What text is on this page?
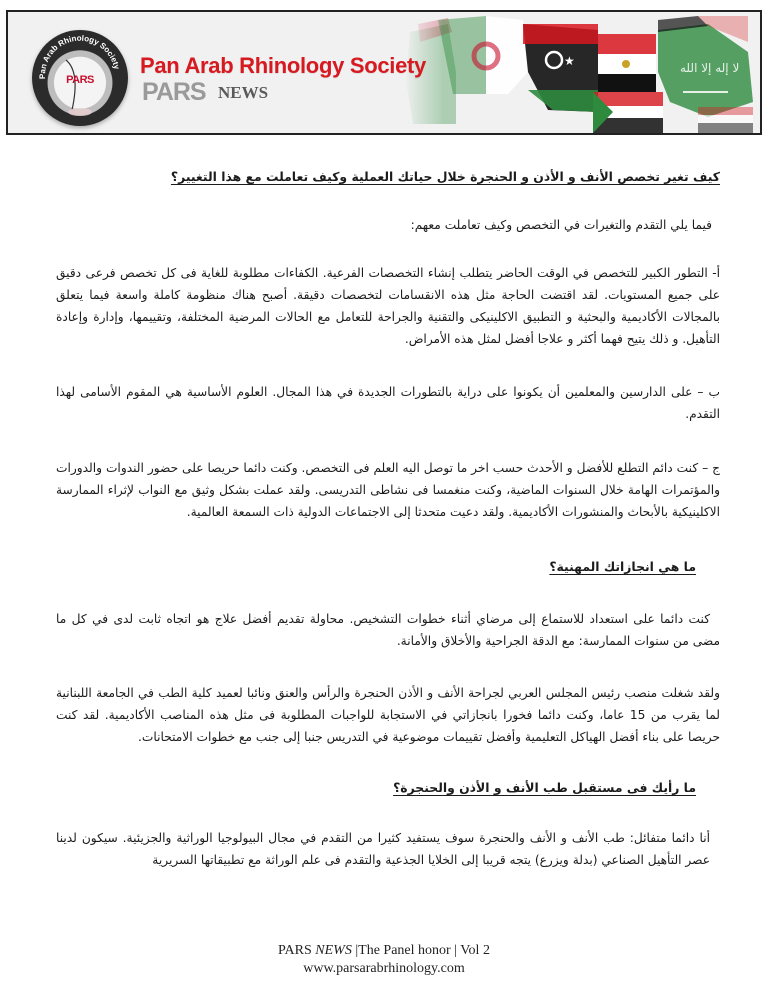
★	ﻻ إله إلا الله
Pan Arab Rhinology Society
PARS
Pan Arab Rhinology Society
PARS NEWS

كيف تغير تخصص الأنف و الأذن و الحنجرة خلال حياتك العملية وكيف تعاملت مع هذا التغيير؟

فيما يلي التقدم والتغيرات في التخصص وكيف تعاملت معهم:

أ- التطور الكبير للتخصص في الوقت الحاضر يتطلب إنشاء التخصصات الفرعية. الكفاءات مطلوبة للغاية فى كل تخصص فرعى دقيق على جميع المستويات. لقد اقتضت الحاجة مثل هذه الانقسامات لتخصصات دقيقة. أصبح هناك منظومة كاملة واسعة فيما يتعلق بالمجالات الأكاديمية والبحثية و التطبيق الاكلينيكى والتقنية والجراحة للتعامل مع الحالات المرضية المختلفة، وتقييمها، وإدارة وإعادة التأهيل. و ذلك يتيح فهما أكثر و علاجا أفضل لمثل هذه الأمراض.

ب – على الدارسين والمعلمين أن يكونوا على دراية بالتطورات الجديدة في هذا المجال. العلوم الأساسية هي المقوم الأسامى لهذا التقدم.

ج – كنت دائم التطلع للأفضل و الأحدث حسب اخر ما توصل اليه العلم فى التخصص. وكنت دائما حريصا على حضور الندوات والدورات والمؤتمرات الهامة خلال السنوات الماضية، وكنت منغمسا فى نشاطى التدريسى. ولقد عملت بشكل وثيق مع النواب لإثراء الممارسة الاكلينيكية بالأبحاث والمنشورات الأكاديمية. ولقد دعيت متحدثا إلى الاجتماعات الدولية ذات السمعة العالمية.

ما هي انجازاتك المهنية؟

كنت دائما على استعداد للاستماع إلى مرضاي أثناء خطوات التشخيص. محاولة تقديم أفضل علاج هو اتجاه ثابت لدى في كل ما مضى من سنوات الممارسة: مع الدقة الجراحية والأخلاق والأمانة.

ولقد شغلت منصب رئيس المجلس العربي لجراحة الأنف و الأذن الحنجرة والرأس والعنق ونائبا لعميد كلية الطب في الجامعة اللبنانية لما يقرب من 15 عاما، وكنت دائما فخورا بانجازاتي في الاستجابة للواجبات المطلوبة فى مثل هذه المناصب الأكاديمية. لقد كنت حريصا على بناء أفضل الهياكل التعليمية وأفضل تقييمات موضوعية في التدريس جنبا إلى جنب مع خطوات الامتحانات.

ما رأيك فى مستقبل طب الأنف و الأذن والحنجرة؟

أنا دائما متفائل: طب الأنف و الأنف والحنجرة سوف يستفيد كثيرا من التقدم في مجال البيولوجيا الوراثية والجزيئية. سيكون لدينا عصر التأهيل الصناعي (بدلة ويزرع) يتجه قريبا إلى الخلايا الجذعية والتقدم فى علم الوراثة مع تطبيقاتها السريرية

PARS NEWS |The Panel honor | Vol 2
www.parsarabrhinology.com
